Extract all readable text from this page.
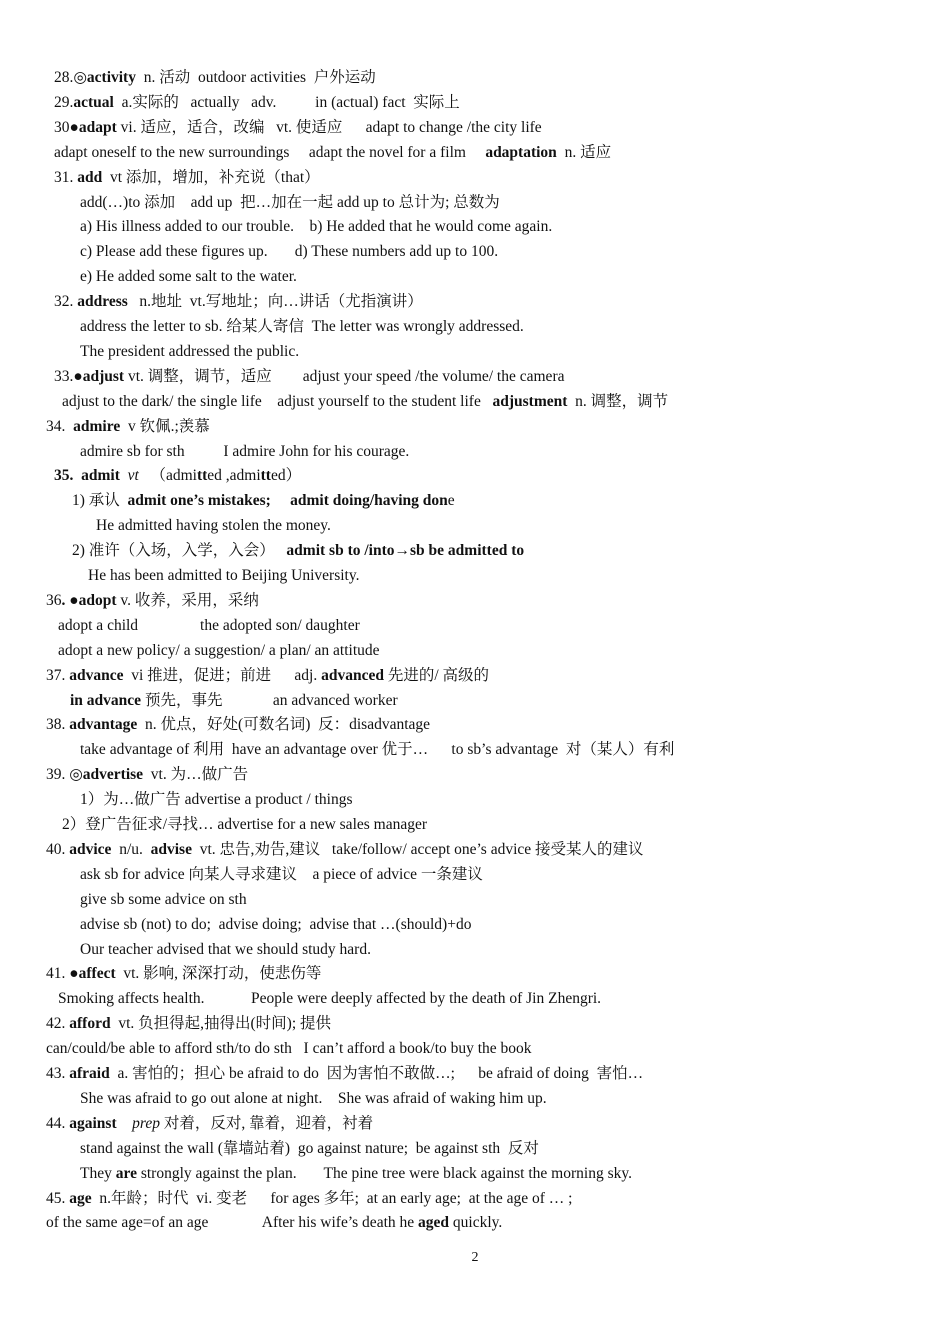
28.◎activity  n. 活动  outdoor activities  户外运动
29.actual  a.实际的   actually   adv.          in (actual) fact  实际上
30●adapt vi. 适应，适合，改编   vt. 使适应      adapt to change /the city life
adapt oneself to the new surroundings     adapt the novel for a film     adaptation  n. 适应
31. add  vt 添加，增加，补充说（that）
add(…)to 添加    add up  把…加在一起 add up to 总计为; 总数为
a) His illness added to our trouble.    b) He added that he would come again.
c) Please add these figures up.       d) These numbers add up to 100.
e) He added some salt to the water.
32. address   n.地址  vt.写地址；向…讲话（尤指演讲）
address the letter to sb. 给某人寄信  The letter was wrongly addressed.
The president addressed the public.
33.●adjust vt. 调整，调节，适应        adjust your speed /the volume/ the camera
adjust to the dark/ the single life    adjust yourself to the student life   adjustment  n. 调整，调节
34.  admire  v 钦佩.;羡慕
admire sb for sth          I admire John for his courage.
35.  admit vt   （admitted ,admitted）
1) 承认  admit one’s mistakes;     admit doing/having done
He admitted having stolen the money.
2) 准许（入场，入学，入会）   admit sb to /into→sb be admitted to
He has been admitted to Beijing University.
36. ●adopt v. 收养，采用，采纳
adopt a child                the adopted son/ daughter
adopt a new policy/ a suggestion/ a plan/ an attitude
37. advance  vi 推进，促进；前进      adj. advanced 先进的/ 高级的
in advance 预先，事先             an advanced worker
38. advantage  n. 优点，好处(可数名词)  反：disadvantage
take advantage of 利用  have an advantage over 优于…      to sb’s advantage  对（某人）有利
39. ◎advertise  vt. 为…做广告
1）为…做广告 advertise a product / things
2）登广告征求/寻找… advertise for a new sales manager
40. advice  n/u.  advise  vt. 忠告,劝告,建议   take/follow/ accept one’s advice 接受某人的建议
ask sb for advice 向某人寻求建议    a piece of advice 一条建议
give sb some advice on sth
advise sb (not) to do;  advise doing;  advise that …(should)+do
Our teacher advised that we should study hard.
41. ●affect  vt. 影响, 深深打动，使悲伤等
Smoking affects health.            People were deeply affected by the death of Jin Zhengri.
42. afford  vt. 负担得起,抽得出(时间); 提供
can/could/be able to afford sth/to do sth   I can’t afford a book/to buy the book
43. afraid  a. 害怕的；担心 be afraid to do  因为害怕不敢做…;      be afraid of doing  害怕…
She was afraid to go out alone at night.    She was afraid of waking him up.
44. against prep 对着，反对, 靠着，迎着，衬着
stand against the wall (靠墙站着)  go against nature;  be against sth  反对
They are strongly against the plan.       The pine tree were black against the morning sky.
45. age  n.年龄；时代  vi. 变老      for ages 多年;  at an early age;  at the age of … ;
of the same age=of an age              After his wife’s death he aged quickly.
2
